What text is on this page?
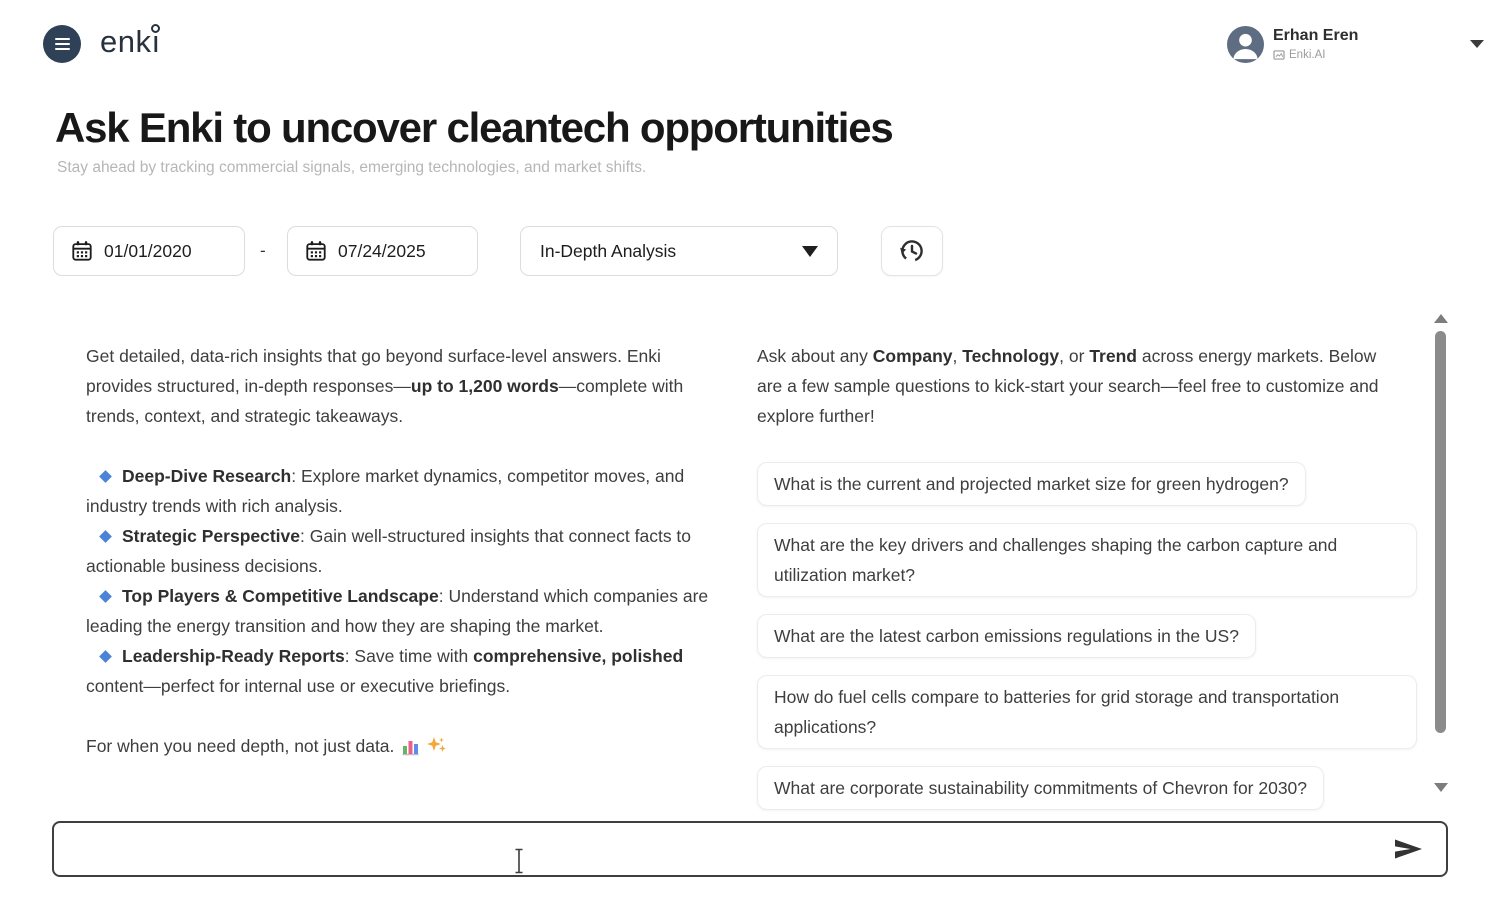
enkı	Erhan Eren
Enki.AI
Ask Enki to uncover cleantech opportunities

Stay ahead by tracking commercial signals, emerging technologies, and market shifts.

01/01/2020	-	07/24/2025	In-Depth Analysis

Get detailed, data-rich insights that go beyond surface-level answers. Enki provides structured, in-depth responses—up to 1,200 words—complete with trends, context, and strategic takeaways.

Deep-Dive Research: Explore market dynamics, competitor moves, and industry trends with rich analysis.

Strategic Perspective: Gain well-structured insights that connect facts to actionable business decisions.

Top Players & Competitive Landscape: Understand which companies are leading the energy transition and how they are shaping the market.

Leadership-Ready Reports: Save time with comprehensive, polished content—perfect for internal use or executive briefings.

For when you need depth, not just data.

Ask about any Company, Technology, or Trend across energy markets. Below are a few sample questions to kick-start your search—feel free to customize and explore further!

What is the current and projected market size for green hydrogen?
What are the key drivers and challenges shaping the carbon capture and utilization market?
What are the latest carbon emissions regulations in the US?
How do fuel cells compare to batteries for grid storage and transportation applications?
What are corporate sustainability commitments of Chevron for 2030?
